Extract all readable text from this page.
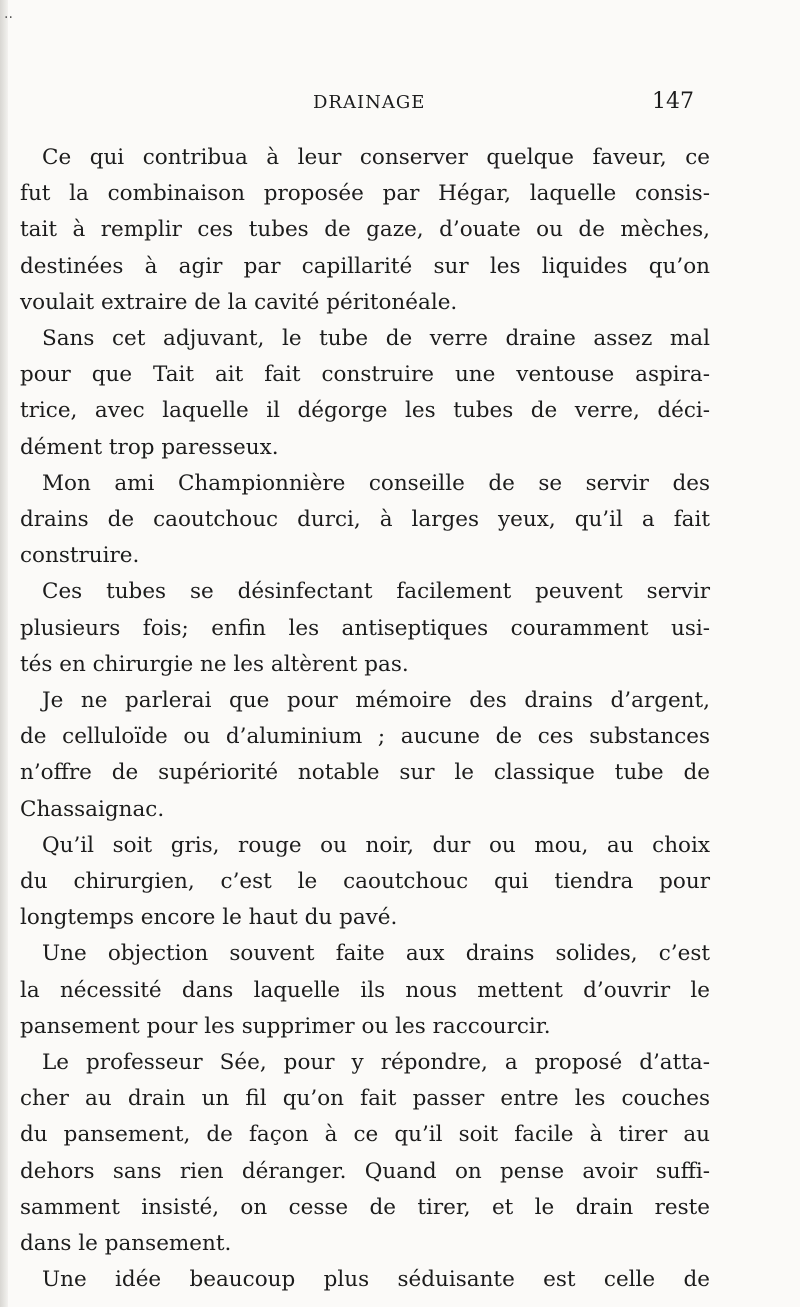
..
DRAINAGE	147
Ce qui contribua à leur conserver quelque faveur, ce
fut la combinaison proposée par Hégar, laquelle consis-
tait à remplir ces tubes de gaze, d’ouate ou de mèches,
destinées à agir par capillarité sur les liquides qu’on
voulait extraire de la cavité péritonéale.
Sans cet adjuvant, le tube de verre draine assez mal
pour que Tait ait fait construire une ventouse aspira-
trice, avec laquelle il dégorge les tubes de verre, déci-
dément trop paresseux.
Mon ami Championnière conseille de se servir des
drains de caoutchouc durci, à larges yeux, qu’il a fait
construire.
Ces tubes se désinfectant facilement peuvent servir
plusieurs fois; enfin les antiseptiques couramment usi-
tés en chirurgie ne les altèrent pas.
Je ne parlerai que pour mémoire des drains d’argent,
de celluloïde ou d’aluminium ; aucune de ces substances
n’offre de supériorité notable sur le classique tube de
Chassaignac.
Qu’il soit gris, rouge ou noir, dur ou mou, au choix
du chirurgien, c’est le caoutchouc qui tiendra pour
longtemps encore le haut du pavé.
Une objection souvent faite aux drains solides, c’est
la nécessité dans laquelle ils nous mettent d’ouvrir le
pansement pour les supprimer ou les raccourcir.
Le professeur Sée, pour y répondre, a proposé d’atta-
cher au drain un fil qu’on fait passer entre les couches
du pansement, de façon à ce qu’il soit facile à tirer au
dehors sans rien déranger. Quand on pense avoir suffi-
samment insisté, on cesse de tirer, et le drain reste
dans le pansement.
Une idée beaucoup plus séduisante est celle de
